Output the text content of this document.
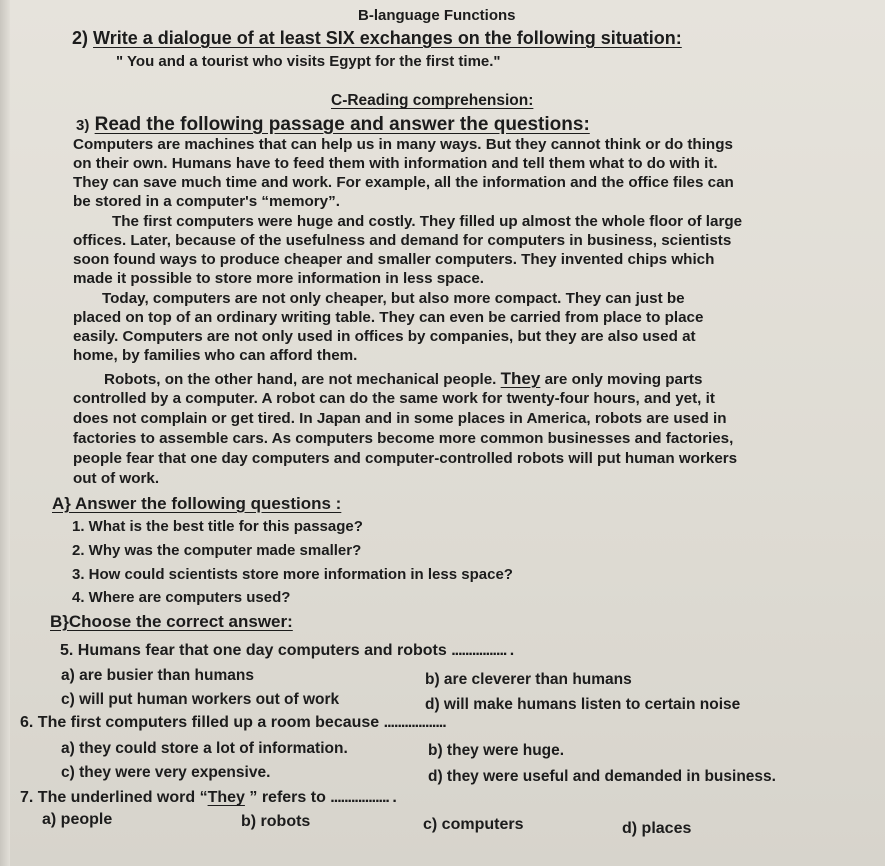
B-language Functions
2) Write a dialogue of at least SIX exchanges on the following situation:
" You and a tourist who visits Egypt for the first time."
C-Reading comprehension:
3) Read the following passage and answer the questions:
Computers are machines that can help us in many ways. But they cannot think or do things
on their own. Humans have to feed them with information and tell them what to do with it.
They can save much time and work. For example, all the information and the office files can
be stored in a computer's “memory”.
The first computers were huge and costly. They filled up almost the whole floor of large
offices. Later, because of the usefulness and demand for computers in business, scientists
soon found ways to produce cheaper and smaller computers. They invented chips which
made it possible to store more information in less space.
Today, computers are not only cheaper, but also more compact. They can just be
placed on top of an ordinary writing table. They can even be carried from place to place
easily. Computers are not only used in offices by companies, but they are also used at
home, by families who can afford them.
Robots, on the other hand, are not mechanical people. They are only moving parts
controlled by a computer. A robot can do the same work for twenty-four hours, and yet, it
does not complain or get tired. In Japan and in some places in America, robots are used in
factories to assemble cars. As computers become more common businesses and factories,
people fear that one day computers and computer-controlled robots will put human workers
out of work.
A} Answer the following questions :
1. What is the best title for this passage?
2. Why was the computer made smaller?
3. How could scientists store more information in less space?
4. Where are computers used?
B}Choose the correct answer:
5. Humans fear that one day computers and robots ................ .
a) are busier than humans	b) are cleverer than humans
c) will put human workers out of work	d) will make humans listen to certain noise
6. The first computers filled up a room because ..................
a) they could store a lot of information.	b) they were huge.
c) they were very expensive.	d) they were useful and demanded in business.
7. The underlined word “They ” refers to ................. .
a) people	b) robots	c) computers	d) places
